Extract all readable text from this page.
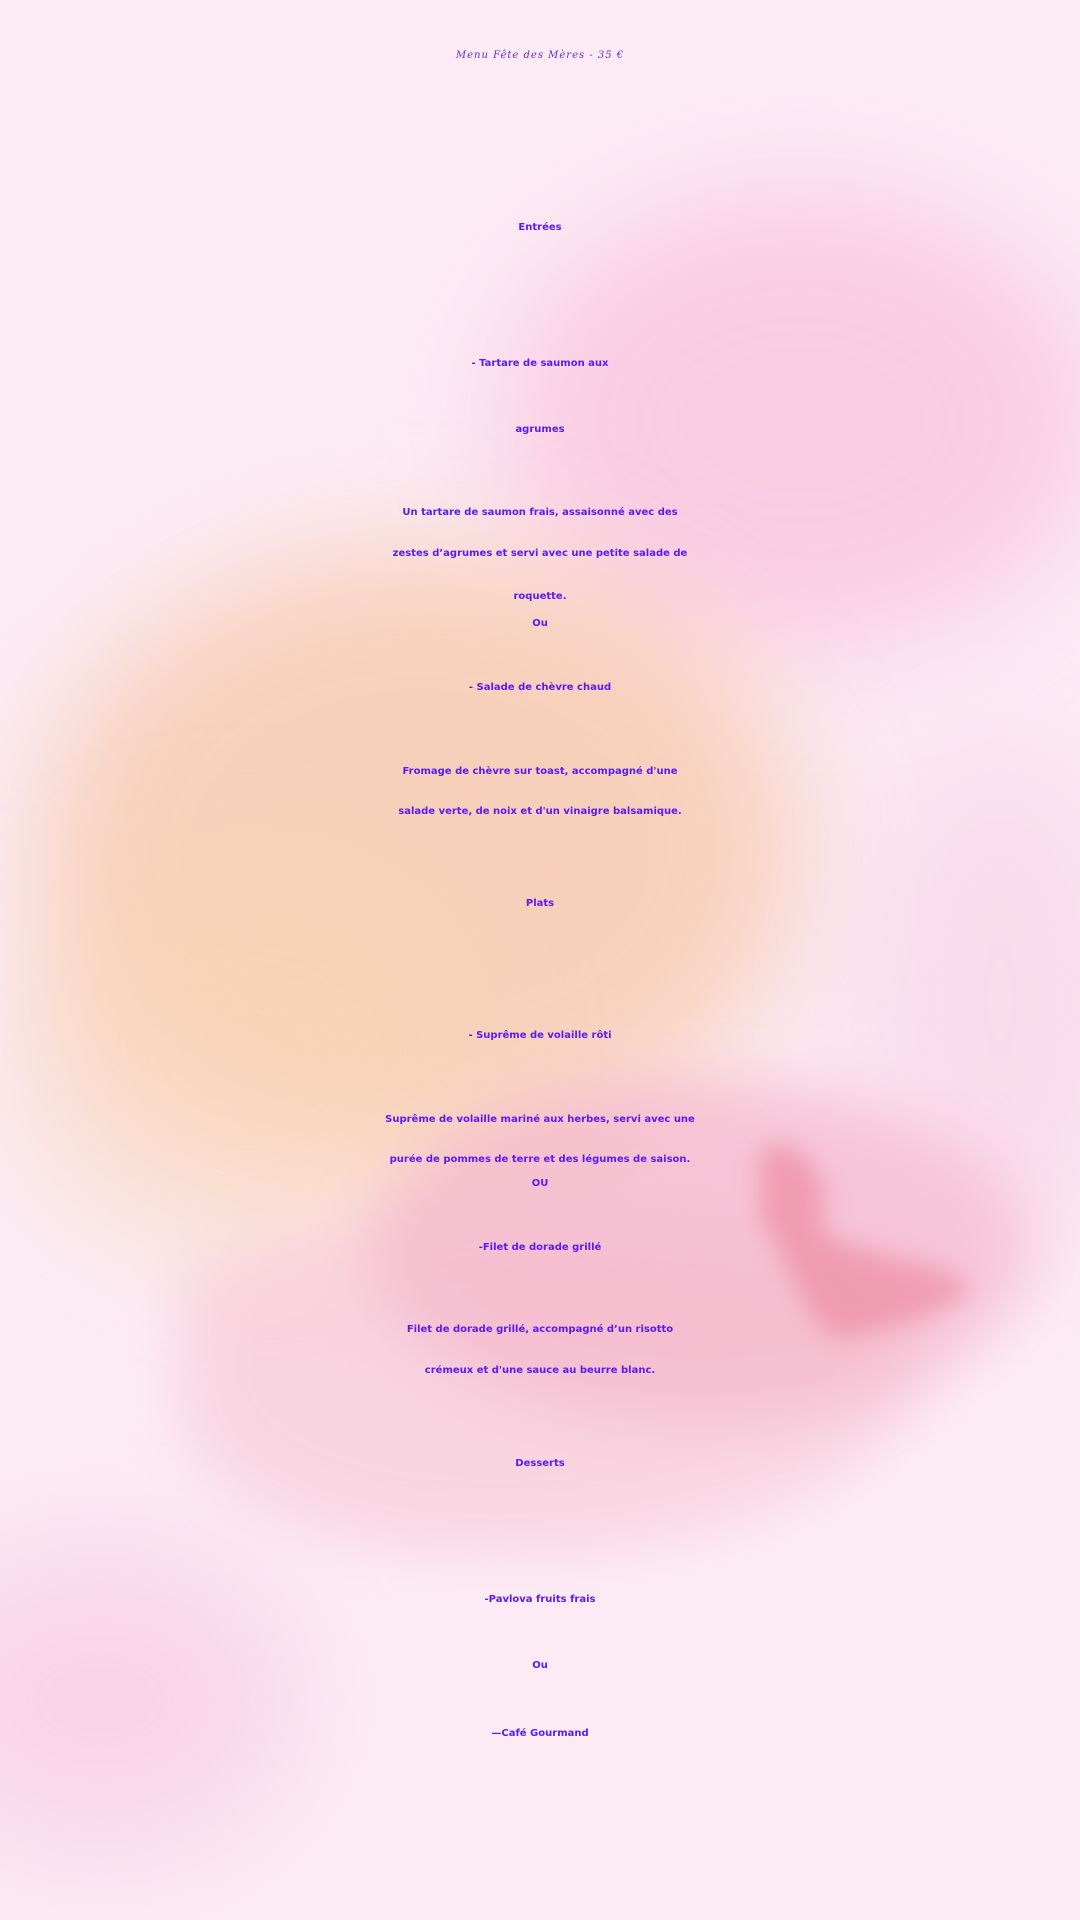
Menu Fête des Mères - 35 €
Entrées
- Tartare de saumon aux
agrumes
Un tartare de saumon frais, assaisonné avec des
zestes d’agrumes et servi avec une petite salade de
roquette.
Ou
- Salade de chèvre chaud
Fromage de chèvre sur toast, accompagné d'une
salade verte, de noix et d'un vinaigre balsamique.
Plats
- Suprême de volaille rôti
Suprême de volaille mariné aux herbes, servi avec une
purée de pommes de terre et des légumes de saison.
OU
-Filet de dorade grillé
Filet de dorade grillé, accompagné d’un risotto
crémeux et d'une sauce au beurre blanc.
Desserts
-Pavlova fruits frais
Ou
—Café Gourmand
